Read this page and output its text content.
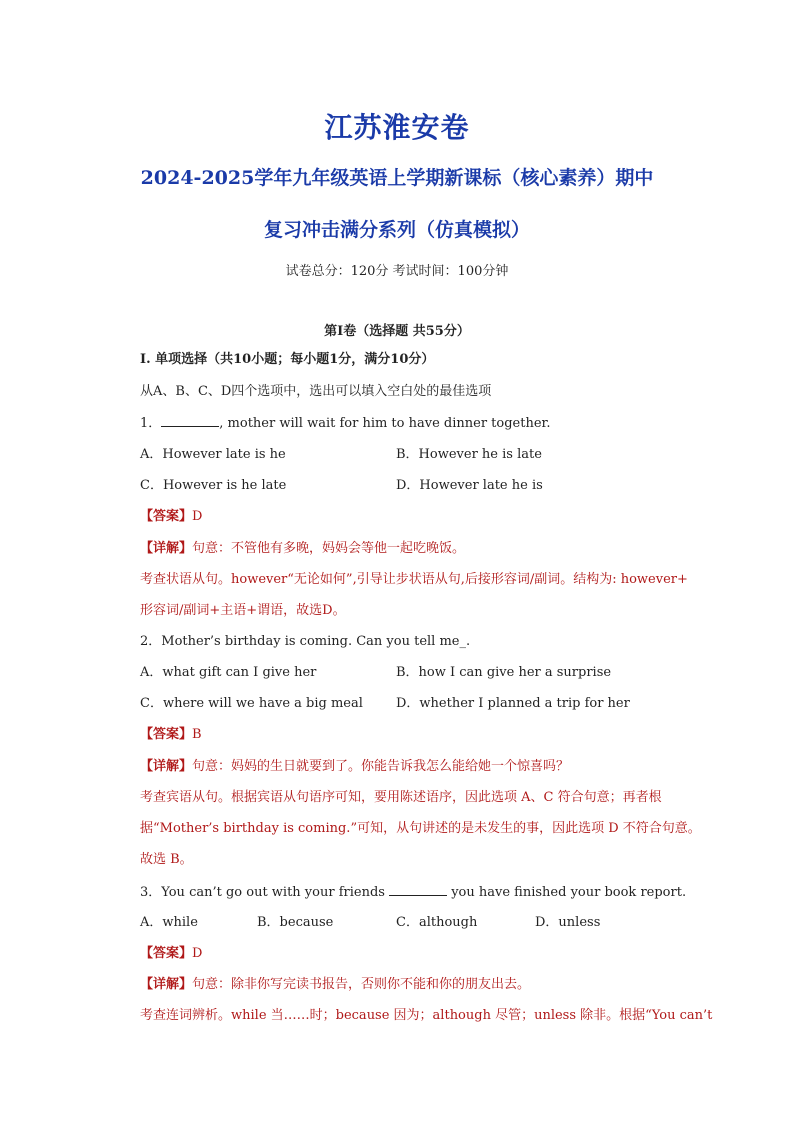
江苏淮安卷
2024-2025学年九年级英语上学期新课标（核心素养）期中
复习冲击满分系列（仿真模拟）
试卷总分：120分 考试时间：100分钟
第Ⅰ卷（选择题 共55分）
Ⅰ. 单项选择（共10小题；每小题1分，满分10分）
从A、B、C、D四个选项中，选出可以填入空白处的最佳选项
1．	, mother will wait for him to have dinner together.
A．However late is he	B．However he is late
C．However is he late	D．However late he is
【答案】D
【详解】句意：不管他有多晚，妈妈会等他一起吃晚饭。
考查状语从句。however“无论如何”,引导让步状语从句,后接形容词/副词。结构为: however+
形容词/副词+主语+谓语，故选D。
2．Mother’s birthday is coming. Can you tell me_.
A．what gift can I give her	B．how I can give her a surprise
C．where will we have a big meal	D．whether I planned a trip for her
【答案】B
【详解】句意：妈妈的生日就要到了。你能告诉我怎么能给她一个惊喜吗？
考查宾语从句。根据宾语从句语序可知，要用陈述语序，因此选项 A、C 符合句意；再者根
据“Mother’s birthday is coming.”可知，从句讲述的是未发生的事，因此选项 D 不符合句意。
故选 B。
3．You can’t go out with your friends	you have finished your book report.
A．while	B．because	C．although	D．unless
【答案】D
【详解】句意：除非你写完读书报告，否则你不能和你的朋友出去。
考查连词辨析。while 当……时；because 因为；although 尽管；unless 除非。根据“You can’t
